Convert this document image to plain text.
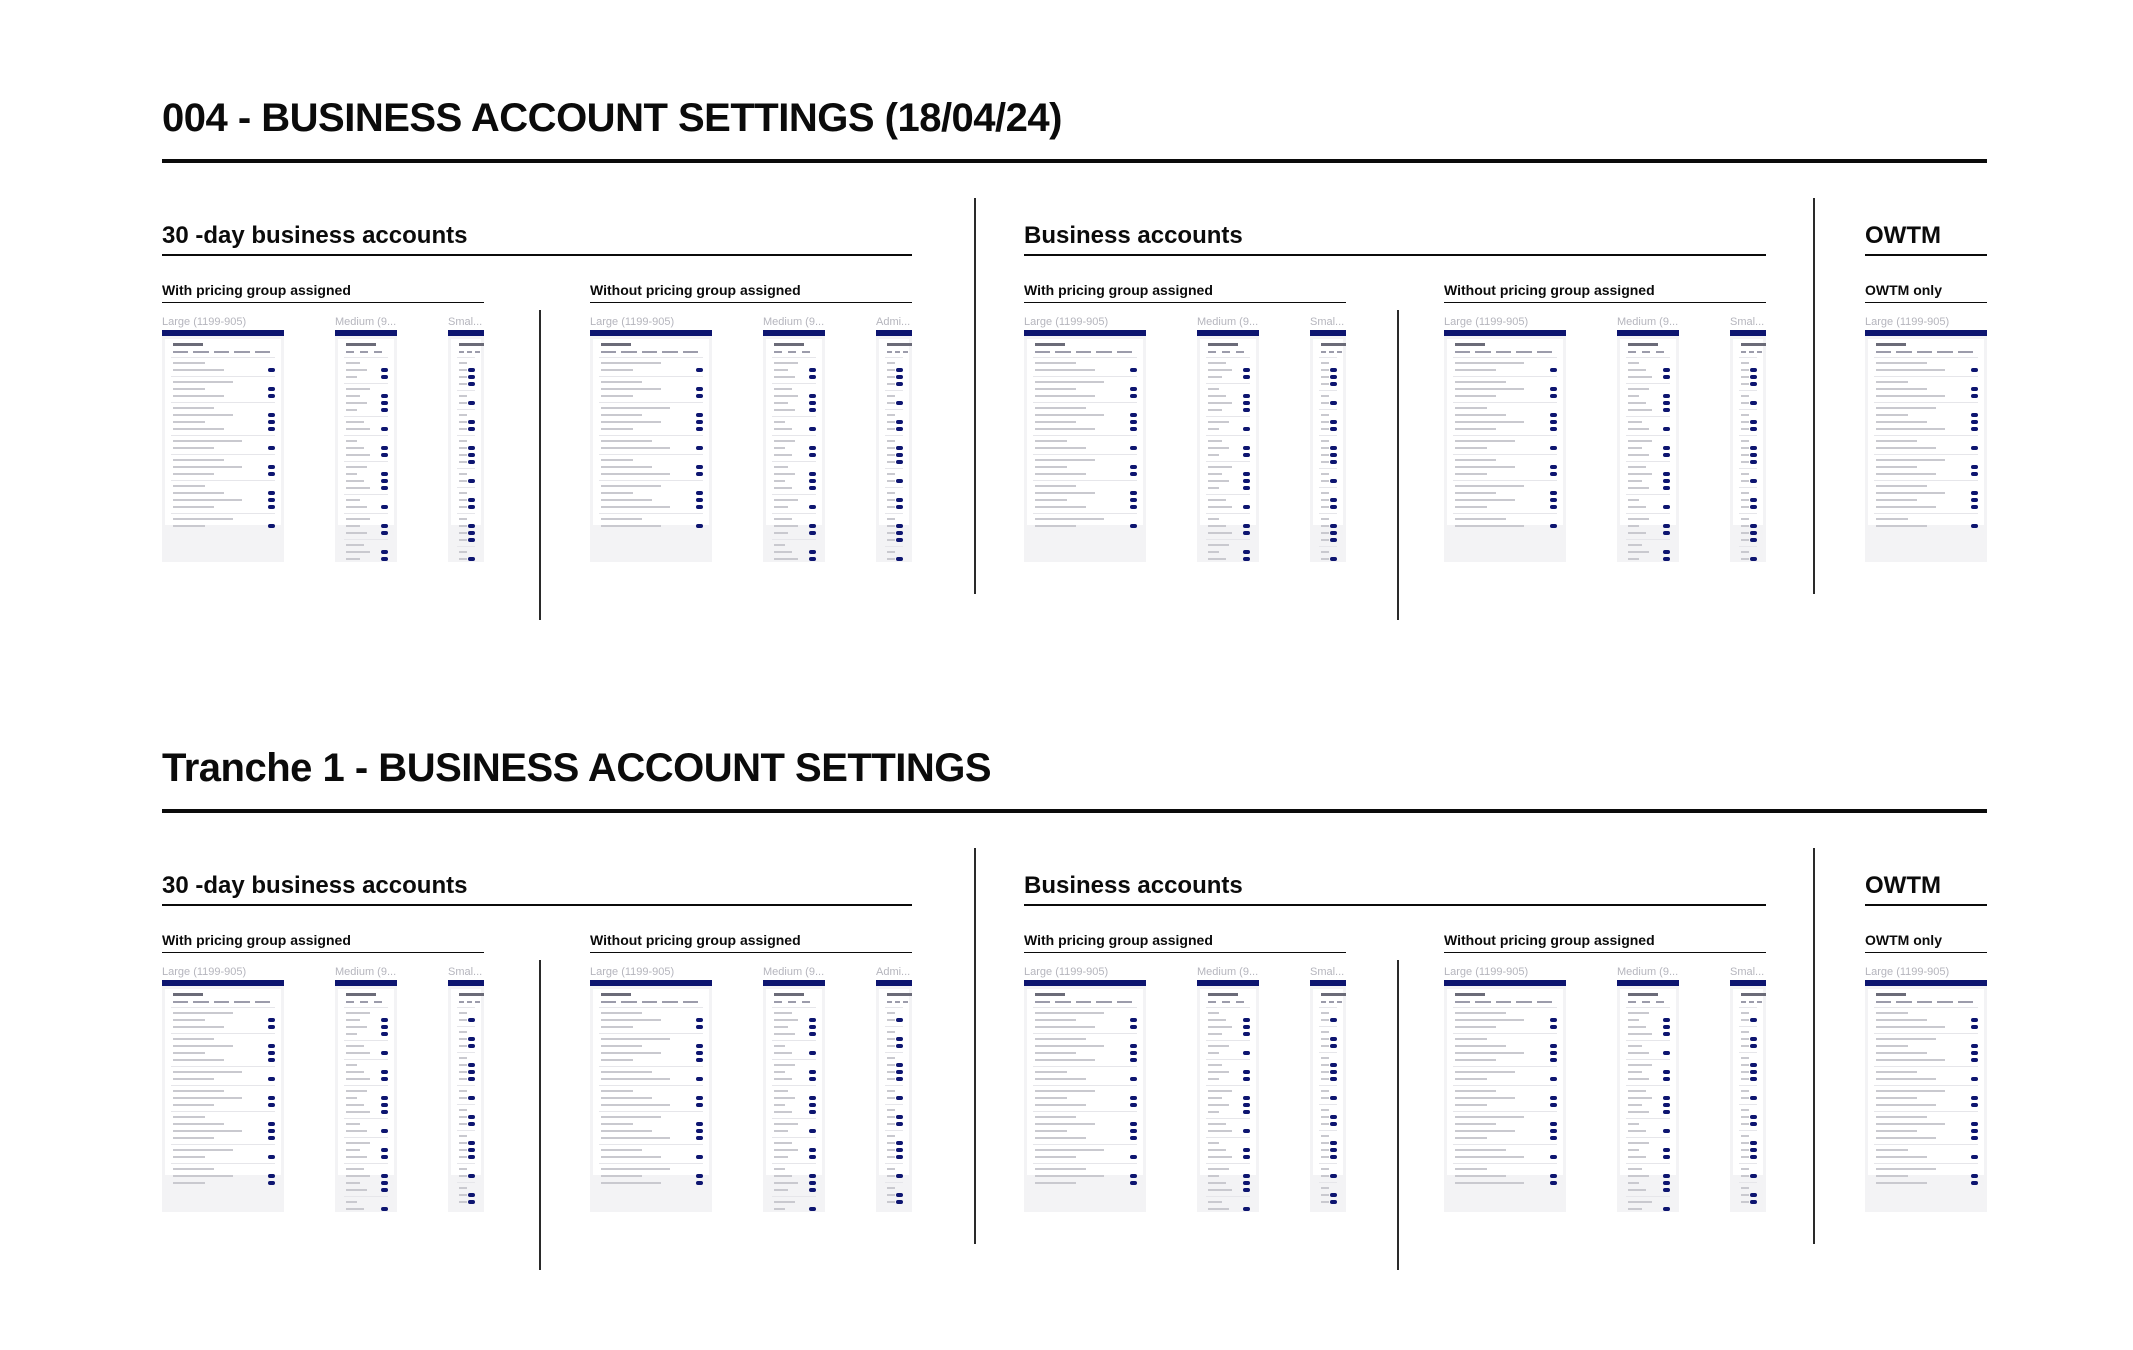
004 - BUSINESS ACCOUNT SETTINGS (18/04/24)
30 -day business accounts
With pricing group assigned
Large (1199-905)	Medium (9...	Smal...
Without pricing group assigned
Large (1199-905)	Medium (9...	Admi...
Business accounts
With pricing group assigned
Large (1199-905)	Medium (9...	Smal...
Without pricing group assigned
Large (1199-905)	Medium (9...	Smal...
OWTM
OWTM only
Large (1199-905)
Tranche 1 - BUSINESS ACCOUNT SETTINGS
30 -day business accounts
With pricing group assigned
Large (1199-905)	Medium (9...	Smal...
Without pricing group assigned
Large (1199-905)	Medium (9...	Admi...
Business accounts
With pricing group assigned
Large (1199-905)	Medium (9...	Smal...
Without pricing group assigned
Large (1199-905)	Medium (9...	Smal...
OWTM
OWTM only
Large (1199-905)
